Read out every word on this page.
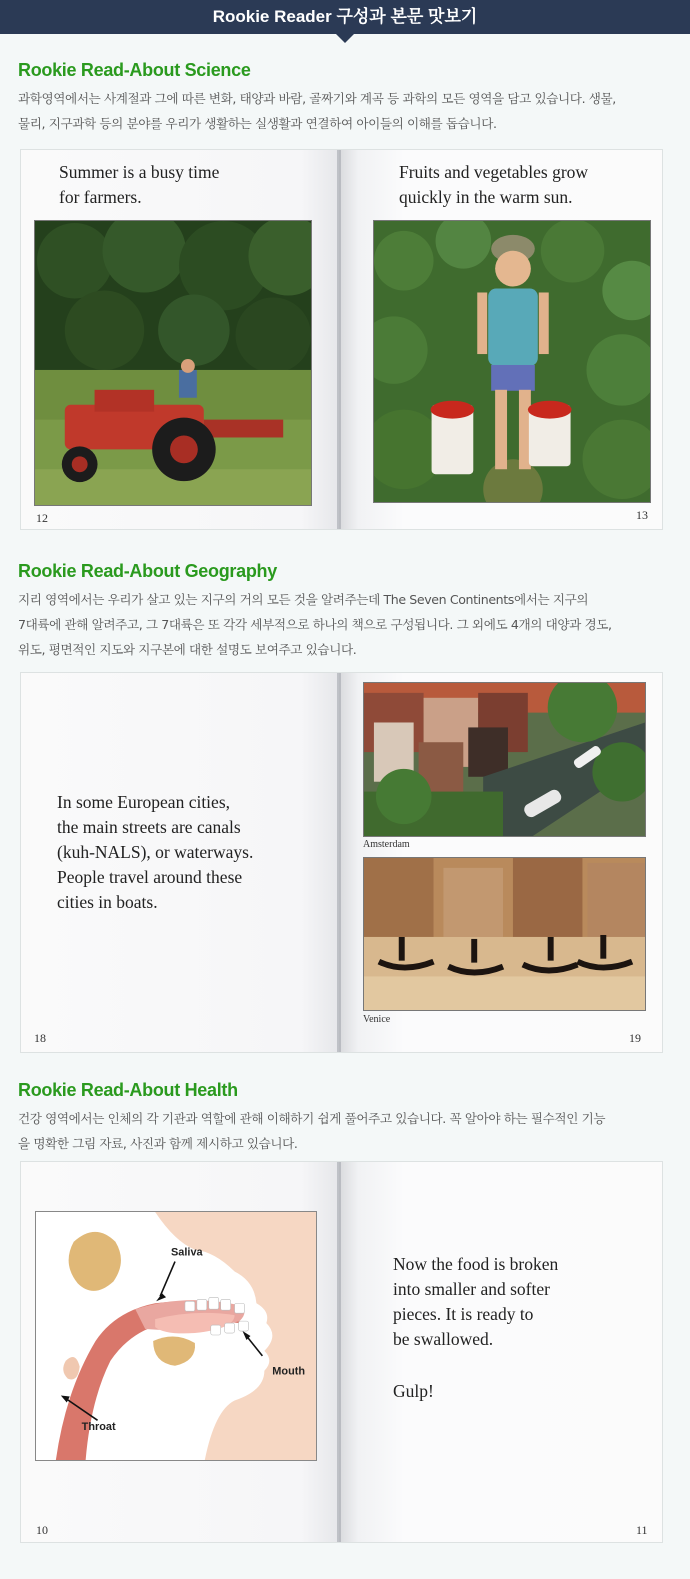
Rookie Reader 구성과 본문 맛보기
Rookie Read-About Science
과학영역에서는 사계절과 그에 따른 변화, 태양과 바람, 골짜기와 계곡 등 과학의 모든 영역을 담고 있습니다. 생물,
물리, 지구과학 등의 분야를 우리가 생활하는 실생활과 연결하여 아이들의 이해를 돕습니다.
Summer is a busy time
for farmers.
12
Fruits and vegetables grow
quickly in the warm sun.
13
Rookie Read-About Geography
지리 영역에서는 우리가 살고 있는 지구의 거의 모든 것을 알려주는데 The Seven Continents에서는 지구의
7대륙에 관해 알려주고, 그 7대륙은 또 각각 세부적으로 하나의 책으로 구성됩니다. 그 외에도 4개의 대양과 경도,
위도, 평면적인 지도와 지구본에 대한 설명도 보여주고 있습니다.
In some European cities,
the main streets are canals
(kuh-NALS), or waterways.
People travel around these
cities in boats.
18
Amsterdam
Venice
19
Rookie Read-About Health
건강 영역에서는 인체의 각 기관과 역할에 관해 이해하기 쉽게 풀어주고 있습니다. 꼭 알아야 하는 필수적인 기능
을 명확한 그림 자료, 사진과 함께 제시하고 있습니다.
Saliva
Mouth
Throat
10
Now the food is broken
into smaller and softer
pieces. It is ready to
be swallowed.
Gulp!
11
